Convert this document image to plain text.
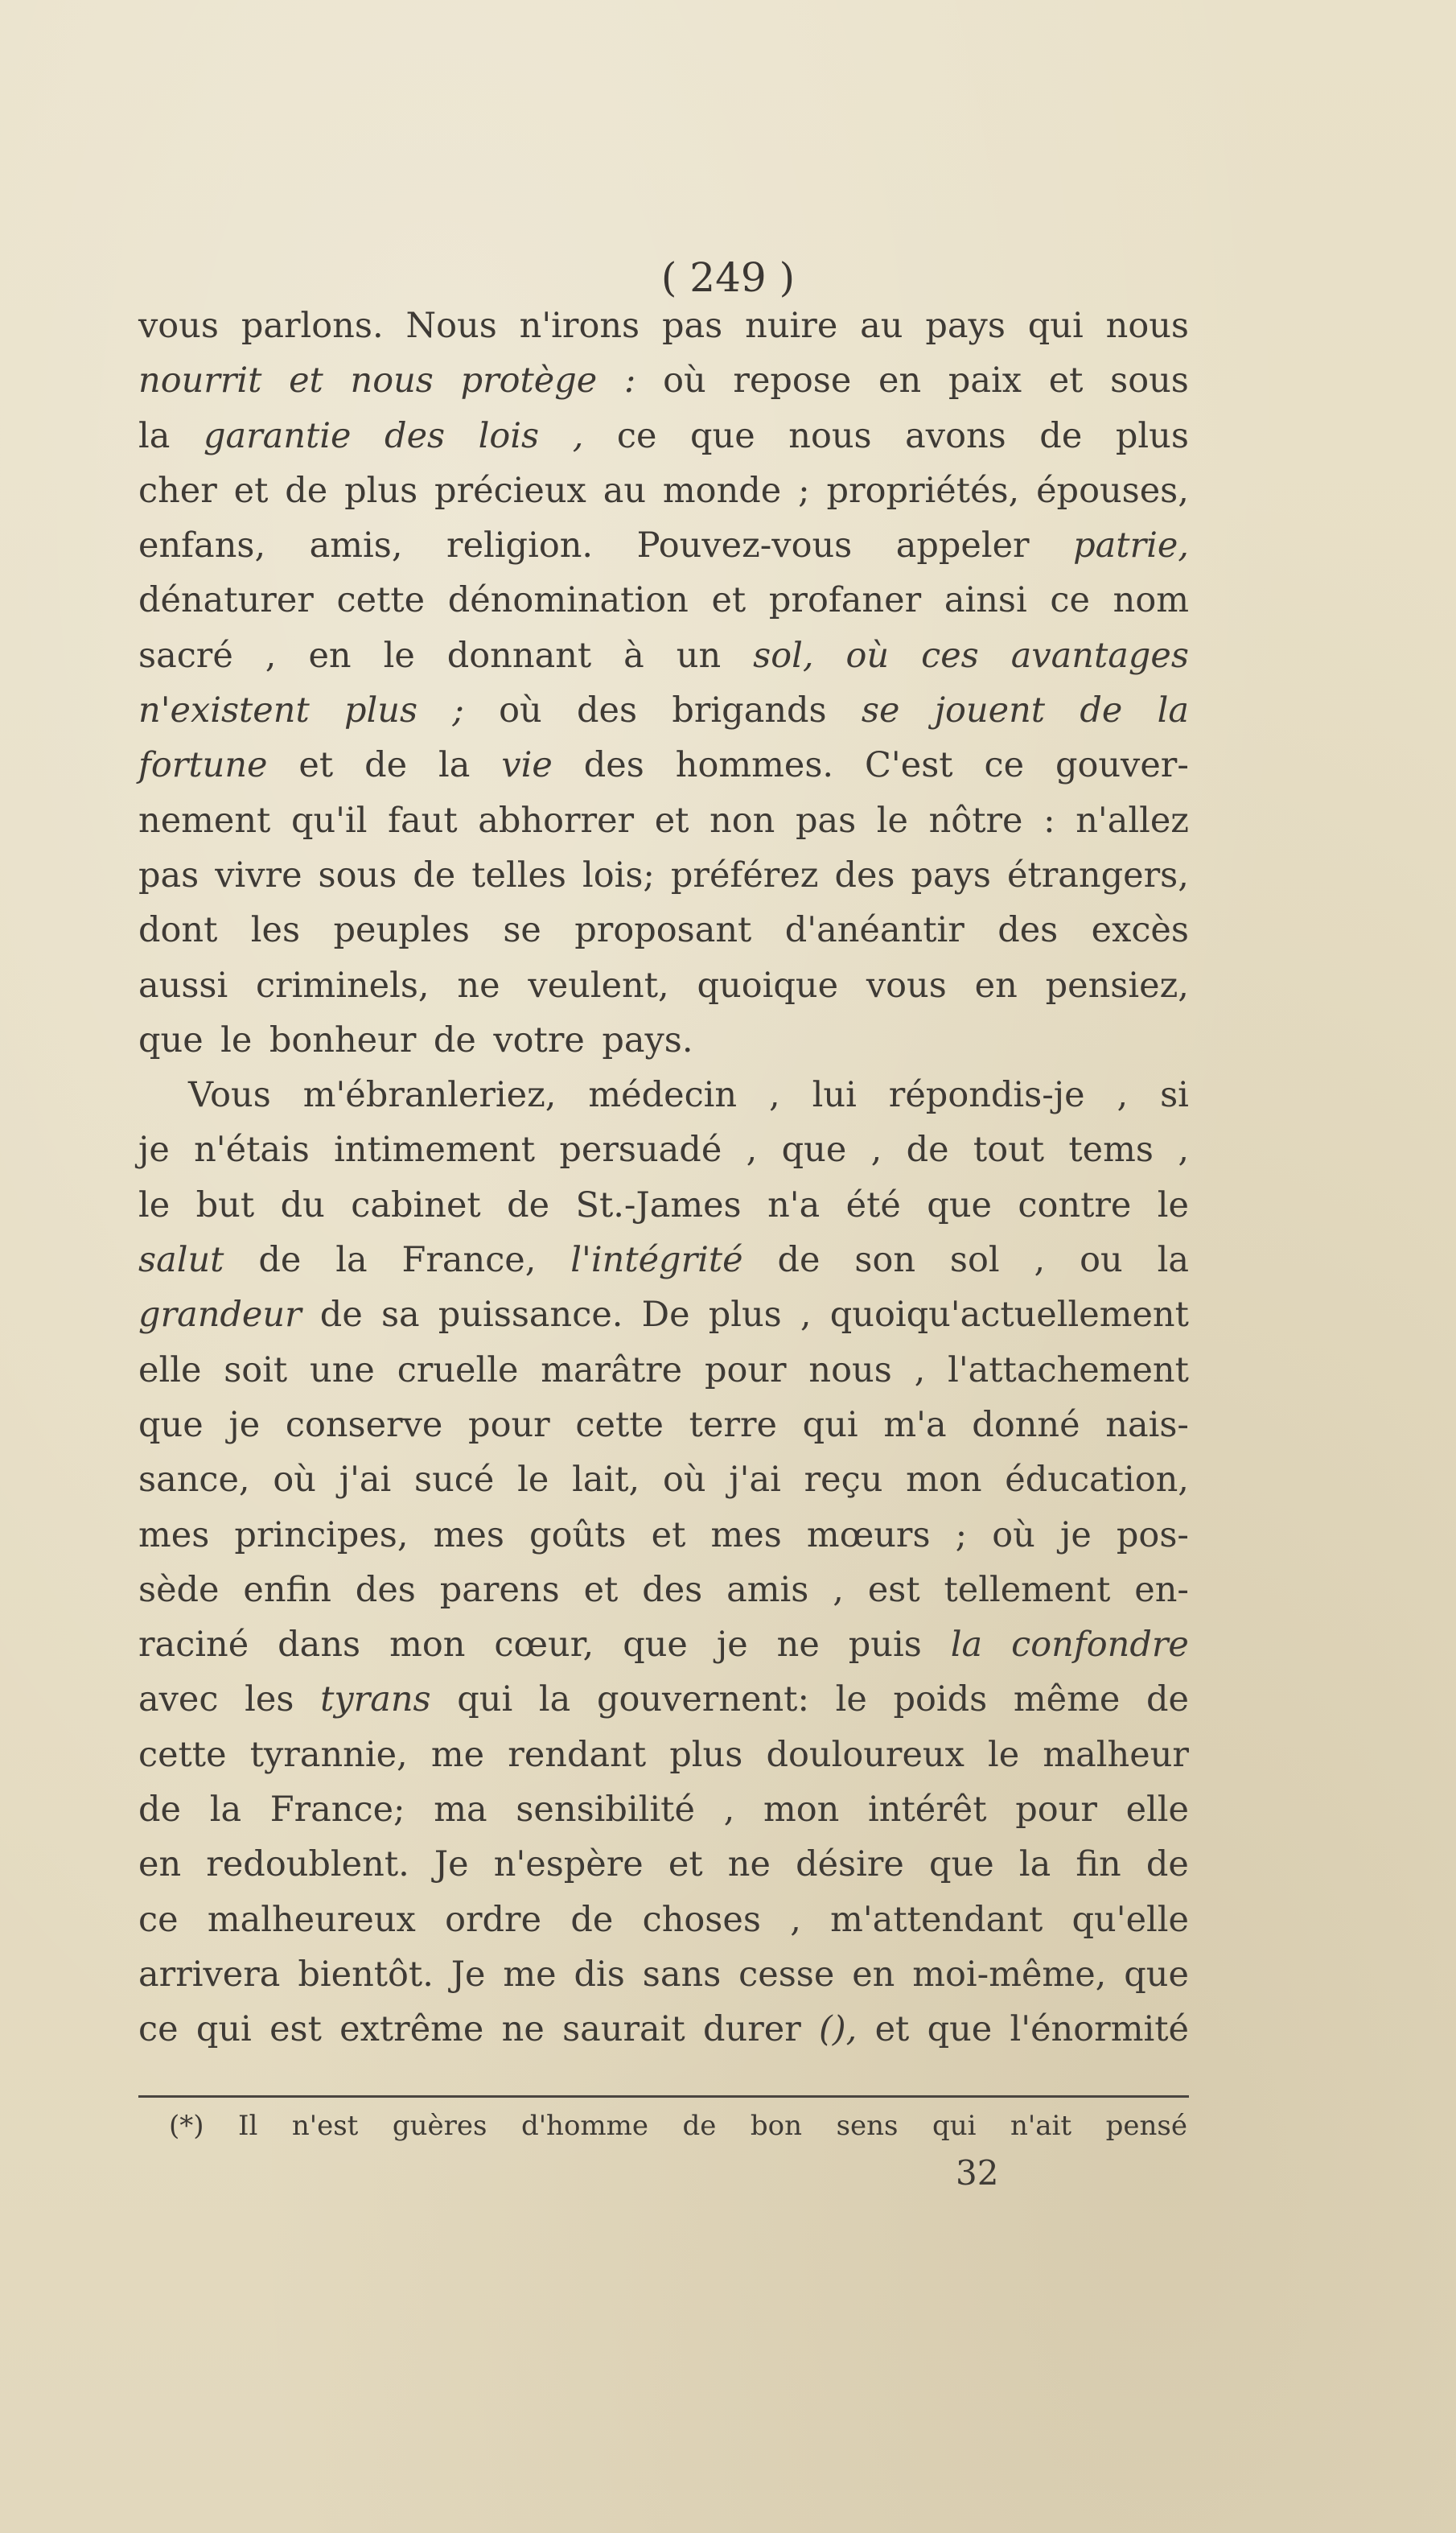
( 249 )
vous parlons. Nous n'irons pas nuire au pays qui nous
nourrit et nous protège : où repose en paix et sous
la garantie des lois , ce que nous avons de plus
cher et de plus précieux au monde ; propriétés, épouses,
enfans, amis, religion. Pouvez-vous appeler patrie,
dénaturer cette dénomination et profaner ainsi ce nom
sacré , en le donnant à un sol, où ces avantages
n'existent plus ; où des brigands se jouent de la
fortune et de la vie des hommes. C'est ce gouver-
nement qu'il faut abhorrer et non pas le nôtre : n'allez
pas vivre sous de telles lois; préférez des pays étrangers,
dont les peuples se proposant d'anéantir des excès
aussi criminels, ne veulent, quoique vous en pensiez,
que le bonheur de votre pays.
Vous m'ébranleriez, médecin , lui répondis-je , si
je n'étais intimement persuadé , que , de tout tems ,
le but du cabinet de St.-James n'a été que contre le
salut de la France, l'intégrité de son sol , ou la
grandeur de sa puissance. De plus , quoiqu'actuellement
elle soit une cruelle marâtre pour nous , l'attachement
que je conserve pour cette terre qui m'a donné nais-
sance, où j'ai sucé le lait, où j'ai reçu mon éducation,
mes principes, mes goûts et mes mœurs ; où je pos-
sède enfin des parens et des amis , est tellement en-
raciné dans mon cœur, que je ne puis la confondre
avec les tyrans qui la gouvernent: le poids même de
cette tyrannie, me rendant plus douloureux le malheur
de la France; ma sensibilité , mon intérêt pour elle
en redoublent. Je n'espère et ne désire que la fin de
ce malheureux ordre de choses , m'attendant qu'elle
arrivera bientôt. Je me dis sans cesse en moi-même, que
ce qui est extrême ne saurait durer (), et que l'énormité
(*) Il n'est guères d'homme de bon sens qui n'ait pensé
32
